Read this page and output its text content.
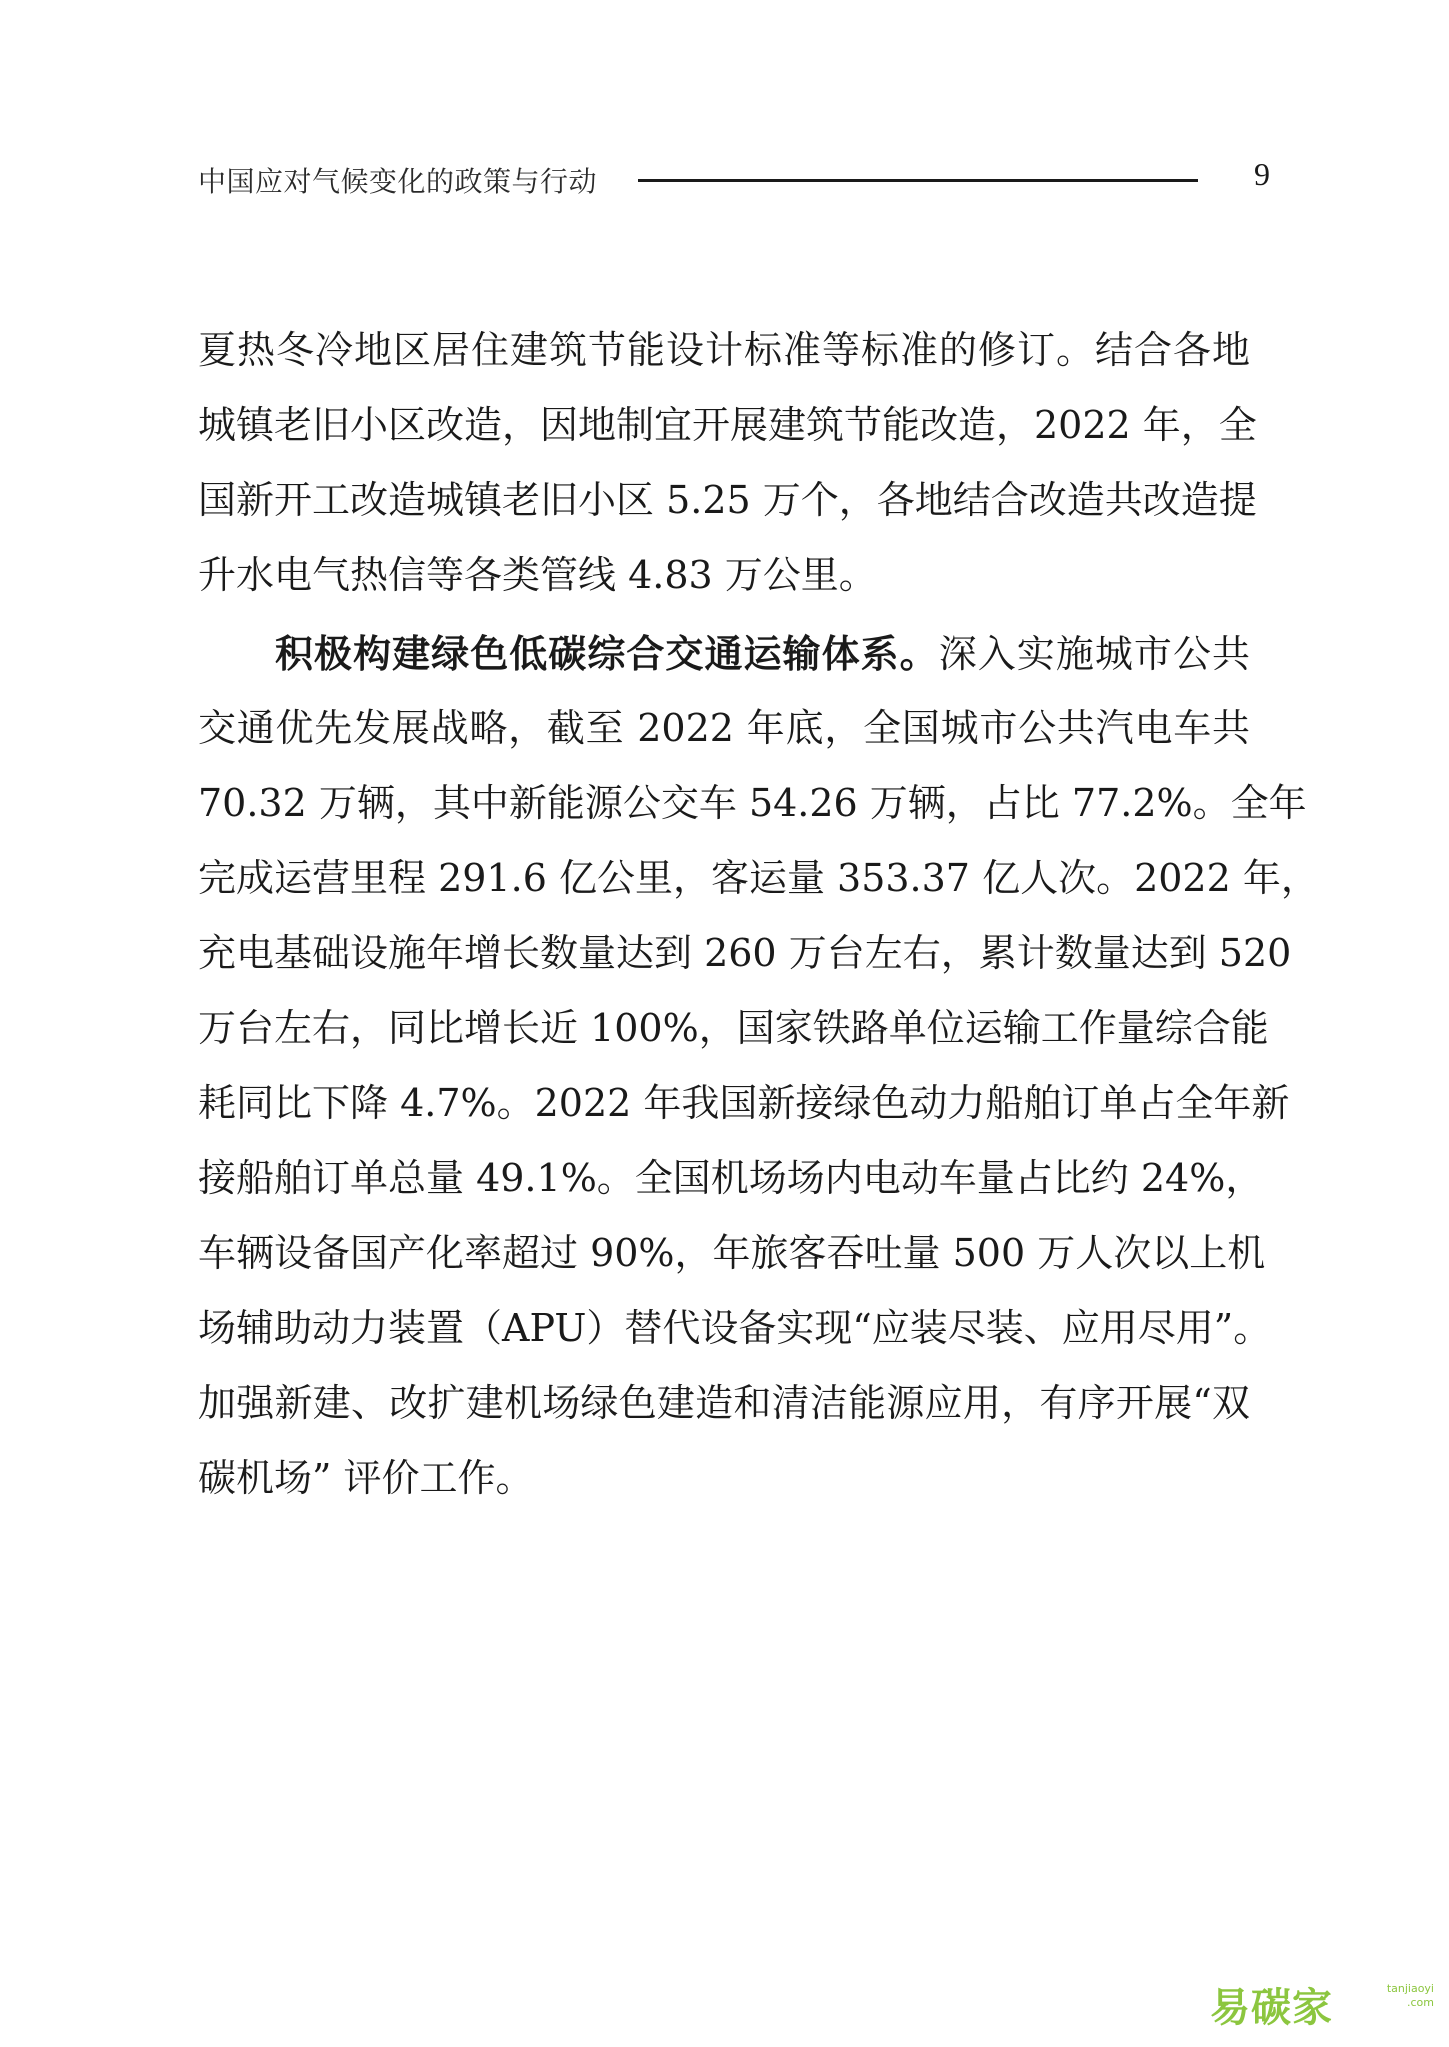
中国应对气候变化的政策与行动	9
夏热冬冷地区居住建筑节能设计标准等标准的修订。结合各地
城镇老旧小区改造，因地制宜开展建筑节能改造，2022 年，全
国新开工改造城镇老旧小区 5.25 万个，各地结合改造共改造提
升水电气热信等各类管线 4.83 万公里。
积极构建绿色低碳综合交通运输体系。深入实施城市公共
交通优先发展战略，截至 2022 年底，全国城市公共汽电车共
70.32 万辆，其中新能源公交车 54.26 万辆，占比 77.2%。全年
完成运营里程 291.6 亿公里，客运量 353.37 亿人次。2022 年，
充电基础设施年增长数量达到 260 万台左右，累计数量达到 520
万台左右，同比增长近 100%，国家铁路单位运输工作量综合能
耗同比下降 4.7%。2022 年我国新接绿色动力船舶订单占全年新
接船舶订单总量 49.1%。全国机场场内电动车量占比约 24%，
车辆设备国产化率超过 90%，年旅客吞吐量 500 万人次以上机
场辅助动力装置（APU）替代设备实现“应装尽装、应用尽用”。
加强新建、改扩建机场绿色建造和清洁能源应用，有序开展“双
碳机场” 评价工作。
易碳家	tanjiaoyi
.com
